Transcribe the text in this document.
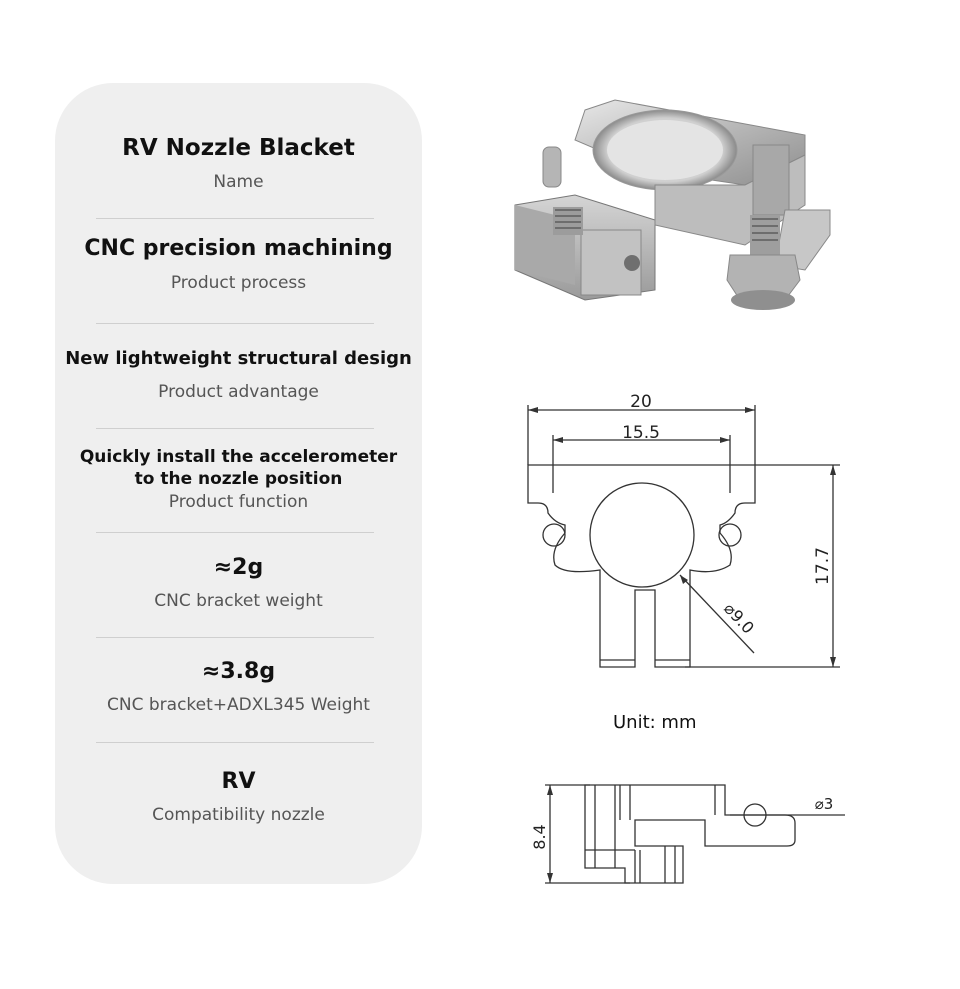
RV Nozzle Blacket
Name
CNC precision machining
Product process
New lightweight structural design
Product advantage
Quickly install the accelerometer
to the nozzle position
Product function
≈2g
CNC bracket weight
≈3.8g
CNC bracket+ADXL345 Weight
RV
Compatibility nozzle
20
15.5
17.7
⌀9.0
Unit: mm
8.4
⌀3
